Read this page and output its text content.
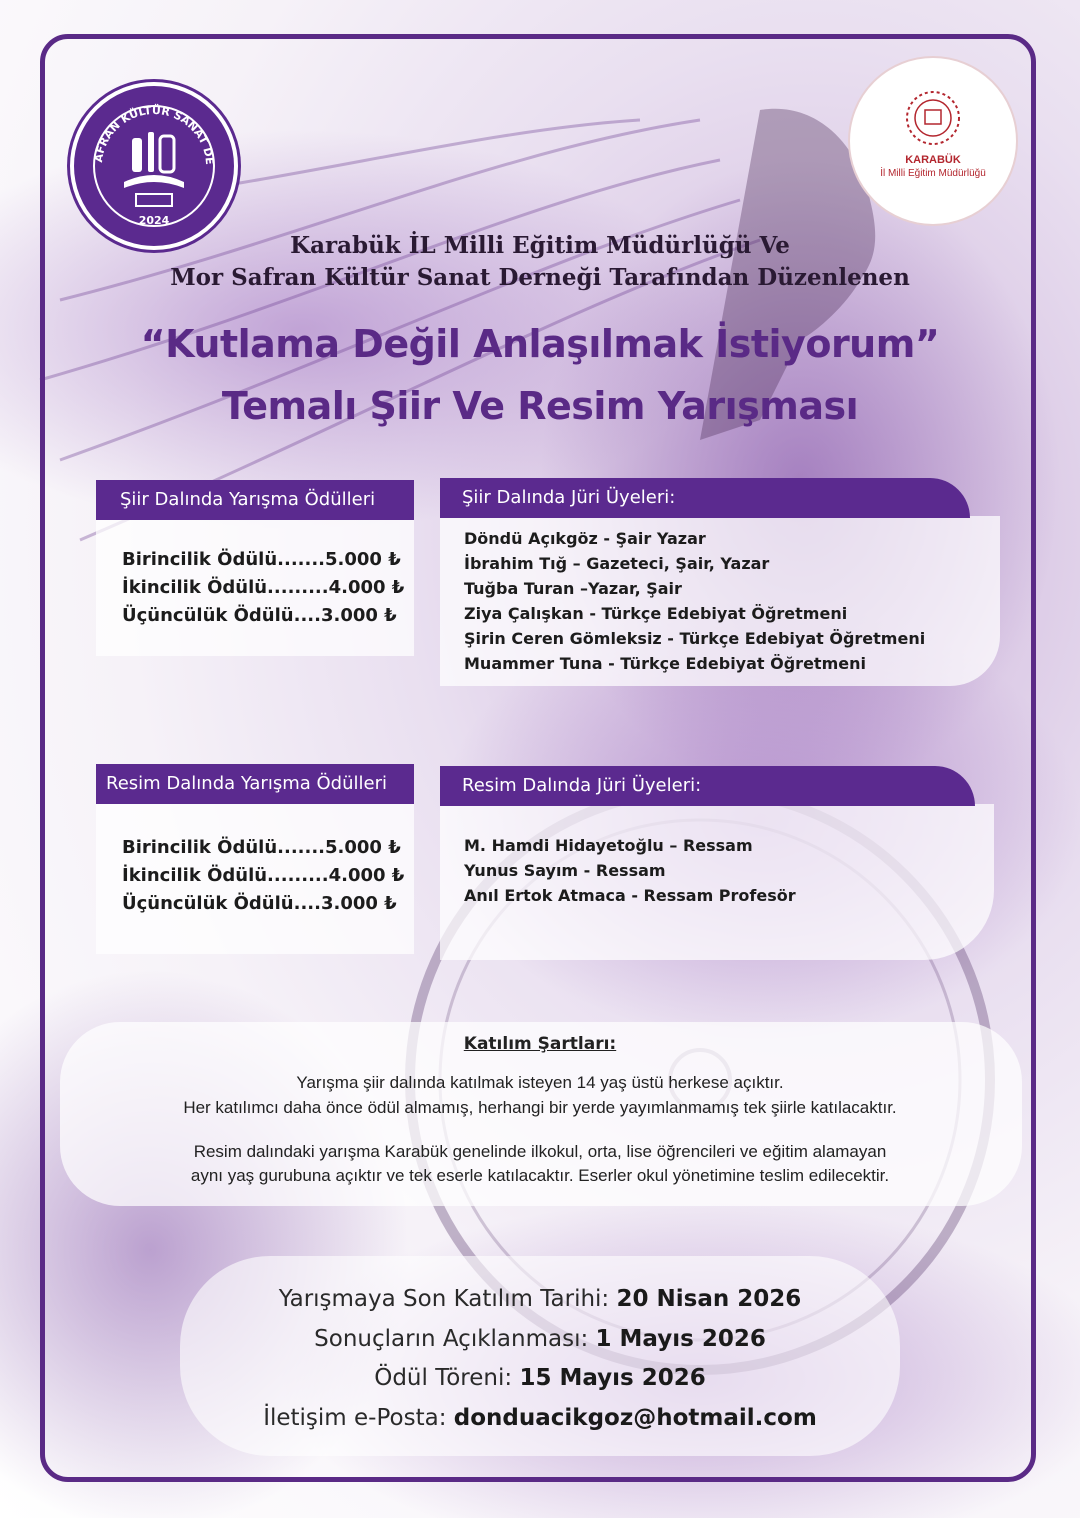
AFRAN KÜLTÜR SANAT DE
2024
KARABÜK
İl Milli Eğitim Müdürlüğü
Karabük İL Milli Eğitim Müdürlüğü Ve
Mor Safran Kültür Sanat Derneği Tarafından Düzenlenen
“Kutlama Değil Anlaşılmak İstiyorum”
Temalı Şiir Ve Resim Yarışması
Şiir Dalında Yarışma Ödülleri
Birincilik Ödülü.......5.000 ₺
İkincilik Ödülü.........4.000 ₺
Üçüncülük Ödülü....3.000 ₺
Şiir Dalında Jüri Üyeleri:
Döndü Açıkgöz - Şair Yazar
İbrahim Tığ – Gazeteci, Şair, Yazar
Tuğba Turan –Yazar, Şair
Ziya Çalışkan - Türkçe Edebiyat Öğretmeni
Şirin Ceren Gömleksiz - Türkçe Edebiyat Öğretmeni
Muammer Tuna - Türkçe Edebiyat Öğretmeni
Resim Dalında Yarışma Ödülleri
Birincilik Ödülü.......5.000 ₺
İkincilik Ödülü.........4.000 ₺
Üçüncülük Ödülü....3.000 ₺
Resim Dalında Jüri Üyeleri:
M. Hamdi Hidayetoğlu – Ressam
Yunus Sayım - Ressam
Anıl Ertok Atmaca - Ressam Profesör
Katılım Şartları:
Yarışma şiir dalında katılmak isteyen 14 yaş üstü herkese açıktır.
Her katılımcı daha önce ödül almamış, herhangi bir yerde yayımlanmamış tek şiirle katılacaktır.
Resim dalındaki yarışma Karabük genelinde ilkokul, orta, lise öğrencileri ve eğitim alamayan
aynı yaş gurubuna açıktır ve tek eserle katılacaktır. Eserler okul yönetimine teslim edilecektir.
Yarışmaya Son Katılım Tarihi: 20 Nisan 2026
Sonuçların Açıklanması: 1 Mayıs 2026
Ödül Töreni: 15 Mayıs 2026
İletişim e-Posta: donduacikgoz@hotmail.com
